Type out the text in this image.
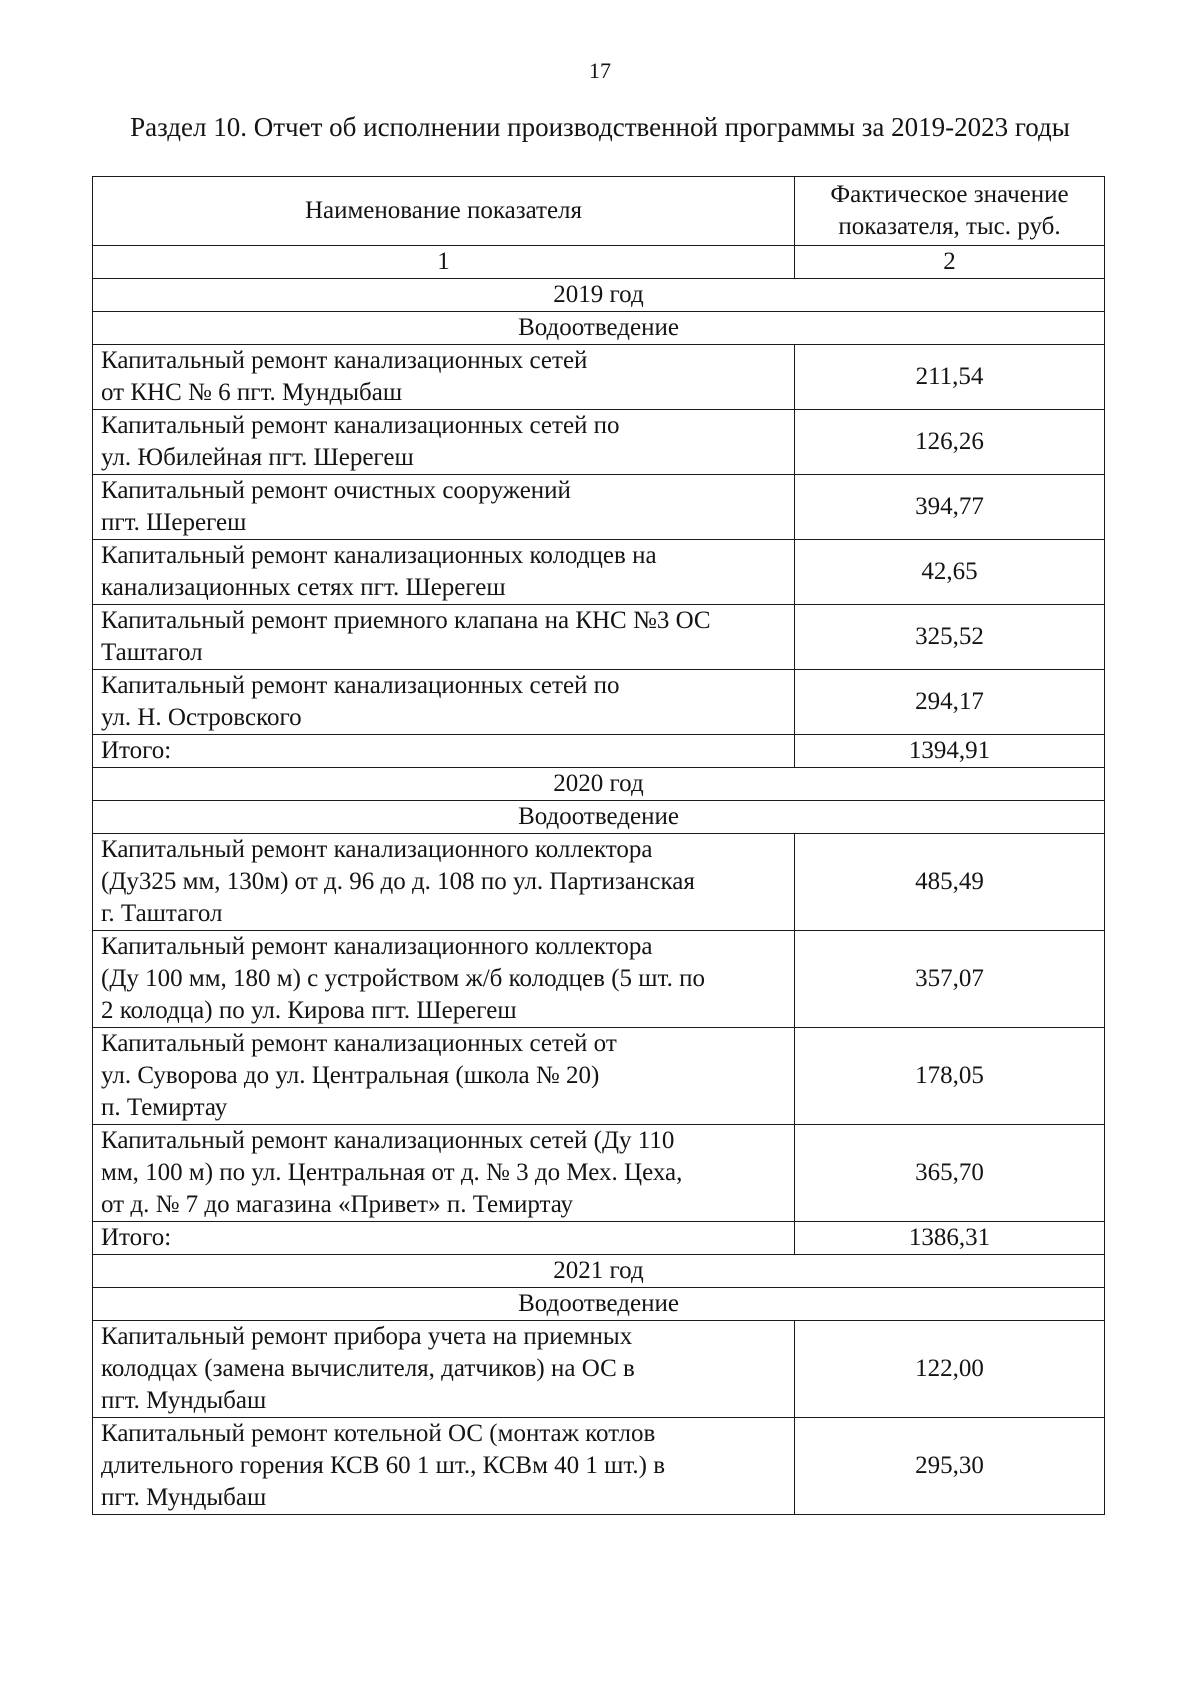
17
Раздел 10. Отчет об исполнении производственной программы за 2019-2023 годы
Наименование показателя	Фактическое значение показателя, тыс. руб.
1	2
2019 год	
Водоотведение	

Капитальный ремонт канализационных сетей
от КНС № 6 пгт. Мундыбаш	211,54

Капитальный ремонт канализационных сетей по
ул. Юбилейная пгт. Шерегеш	126,26

Капитальный ремонт очистных сооружений
пгт. Шерегеш	394,77

Капитальный ремонт канализационных колодцев на
канализационных сетях пгт. Шерегеш	42,65

Капитальный ремонт приемного клапана на КНС №3 ОС
Таштагол	325,52

Капитальный ремонт канализационных сетей по
ул. Н. Островского	294,17
Итого:	1394,91
2020 год	
Водоотведение	

Капитальный ремонт канализационного коллектора
(Ду325 мм, 130м) от д. 96 до д. 108 по ул. Партизанская
г. Таштагол	485,49

Капитальный ремонт канализационного коллектора
(Ду 100 мм, 180 м) с устройством ж/б колодцев (5 шт. по
2 колодца) по ул. Кирова пгт. Шерегеш	357,07

Капитальный ремонт канализационных сетей от
ул. Суворова до ул. Центральная (школа № 20)
п. Темиртау	178,05

Капитальный ремонт канализационных сетей (Ду 110
мм, 100 м) по ул. Центральная от д. № 3 до Мех. Цеха,
от д. № 7 до магазина «Привет» п. Темиртау	365,70
Итого:	1386,31
2021 год	
Водоотведение	

Капитальный ремонт прибора учета на приемных
колодцах (замена вычислителя, датчиков) на ОС в
пгт. Мундыбаш	122,00

Капитальный ремонт котельной ОС (монтаж котлов
длительного горения КСВ 60 1 шт., КСВм 40 1 шт.) в
пгт. Мундыбаш	295,30
